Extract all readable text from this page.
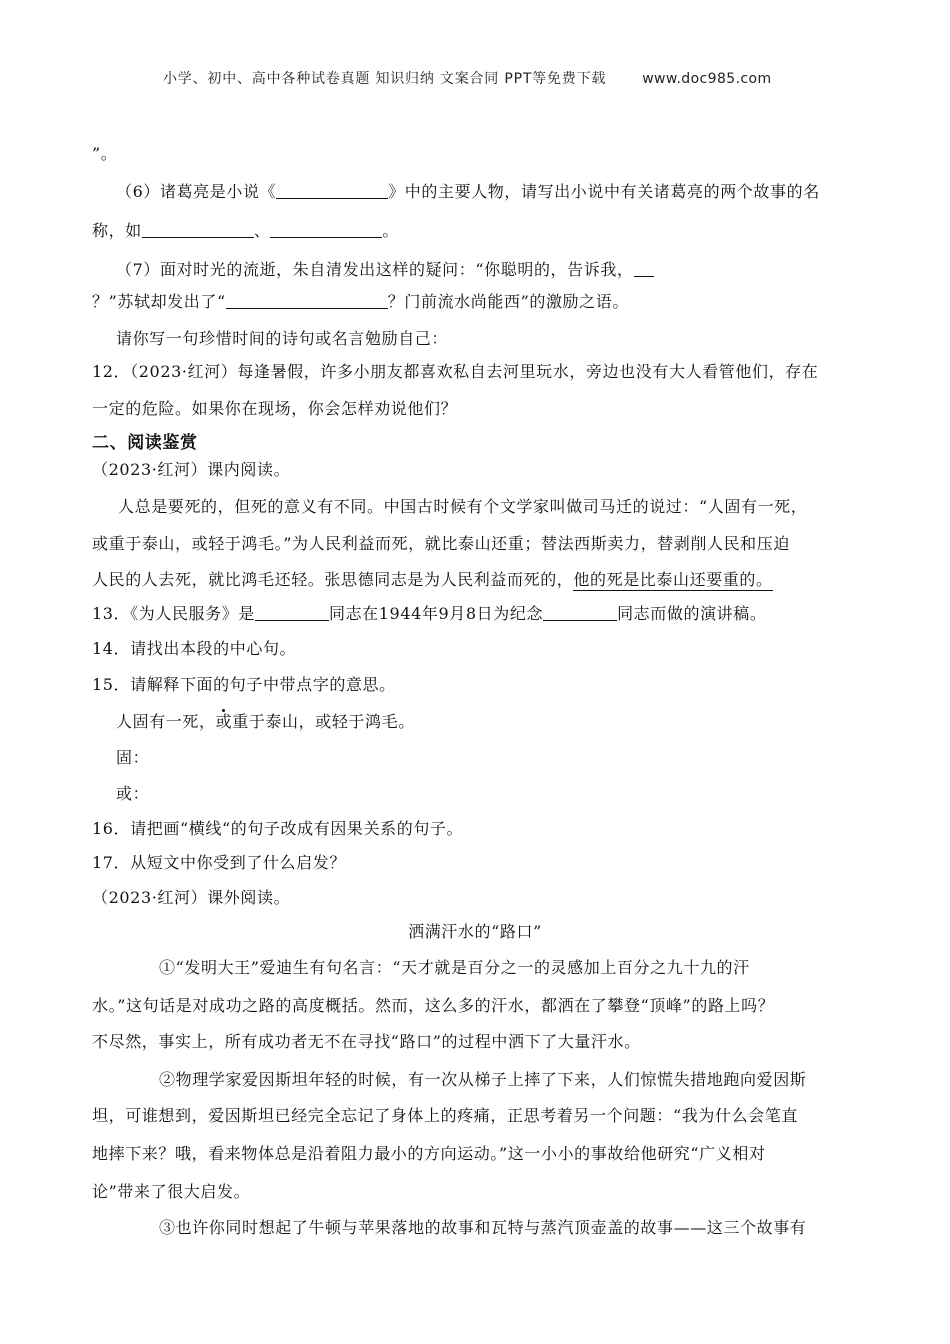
小学、初中、高中各种试卷真题 知识归纳 文案合同 PPT等免费下载	www.doc985.com
”。
（6）诸葛亮是小说《	》中的主要人物，请写出小说中有关诸葛亮的两个故事的名
称，如	、	。
（7）面对时光的流逝，朱自清发出这样的疑问：“你聪明的，告诉我，
？”苏轼却发出了“	？门前流水尚能西”的激励之语。
请你写一句珍惜时间的诗句或名言勉励自己：
12．（2023·红河）每逢暑假，许多小朋友都喜欢私自去河里玩水，旁边也没有大人看管他们，存在
一定的危险。如果你在现场，你会怎样劝说他们？
二、阅读鉴赏
（2023·红河）课内阅读。
人总是要死的，但死的意义有不同。中国古时候有个文学家叫做司马迁的说过：“人固有一死，
或重于泰山，或轻于鸿毛。”为人民利益而死，就比泰山还重；替法西斯卖力，替剥削人民和压迫
人民的人去死，就比鸿毛还轻。张思德同志是为人民利益而死的，他的死是比泰山还要重的。
13．《为人民服务》是	同志在1944年9月8日为纪念	同志而做的演讲稿。
14．请找出本段的中心句。
15．请解释下面的句子中带点字的意思。
人固有一死，或重于泰山，或轻于鸿毛。
固：
或：
16．请把画“横线“的句子改成有因果关系的句子。
17．从短文中你受到了什么启发？
（2023·红河）课外阅读。
洒满汗水的“路口”
①“发明大王”爱迪生有句名言：“天才就是百分之一的灵感加上百分之九十九的汗
水。”这句话是对成功之路的高度概括。然而，这么多的汗水，都洒在了攀登“顶峰”的路上吗？
不尽然，事实上，所有成功者无不在寻找“路口”的过程中洒下了大量汗水。
②物理学家爱因斯坦年轻的时候，有一次从梯子上摔了下来，人们惊慌失措地跑向爱因斯
坦，可谁想到，爱因斯坦已经完全忘记了身体上的疼痛，正思考着另一个问题：“我为什么会笔直
地摔下来？哦，看来物体总是沿着阻力最小的方向运动。”这一小小的事故给他研究“广义相对
论”带来了很大启发。
③也许你同时想起了牛顿与苹果落地的故事和瓦特与蒸汽顶壶盖的故事——这三个故事有
